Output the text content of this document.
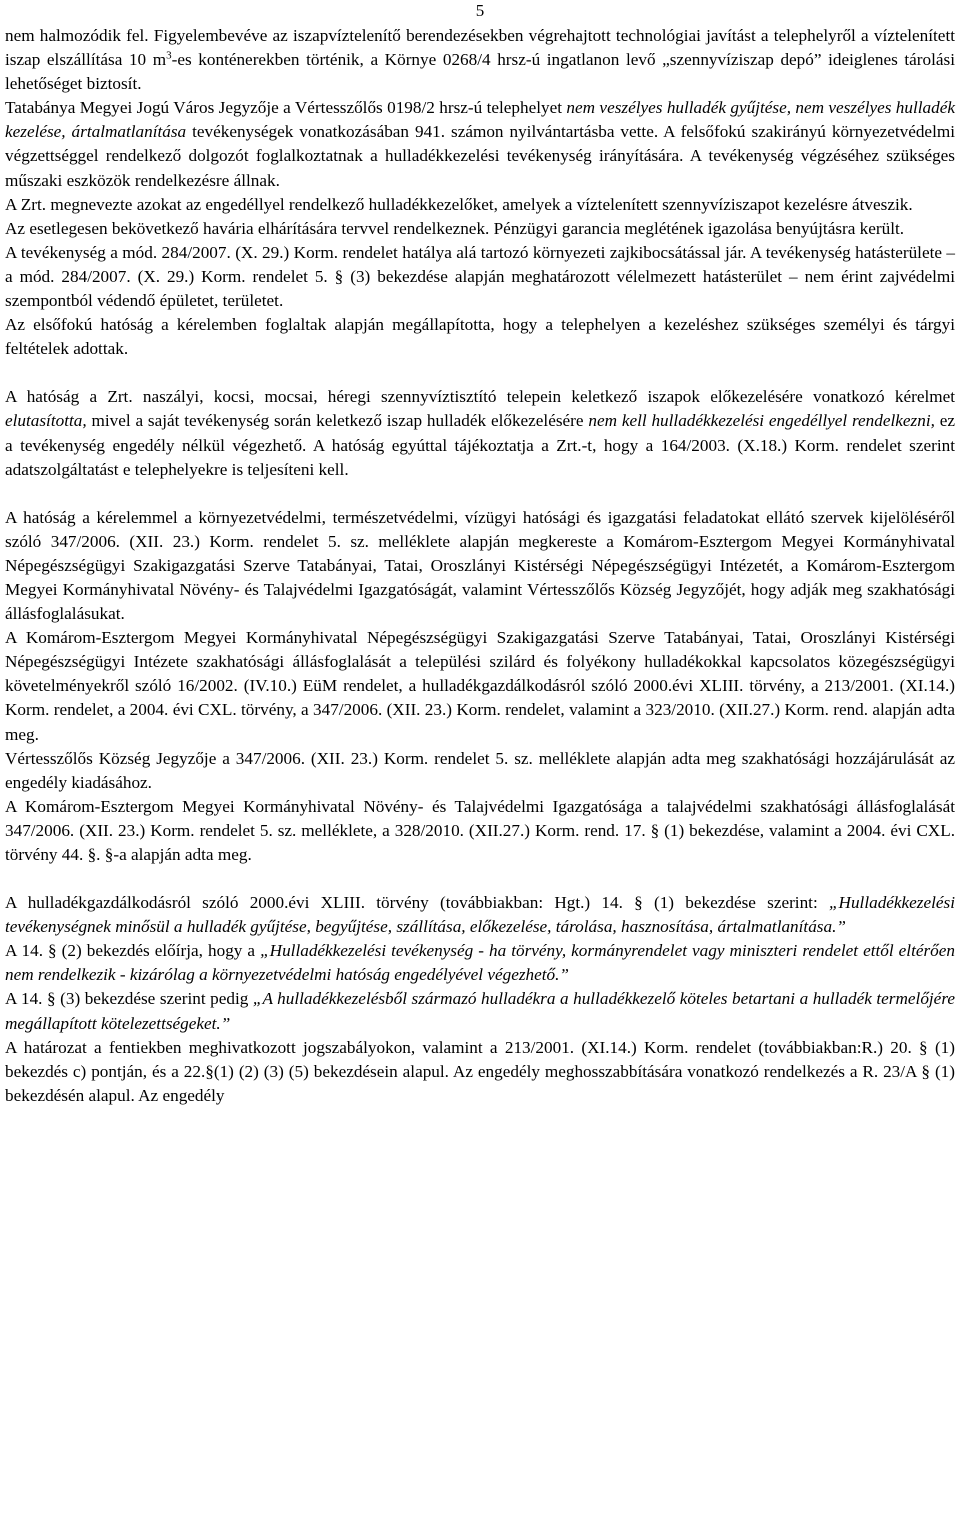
5

nem halmozódik fel. Figyelembevéve az iszapvíztelenítő berendezésekben végrehajtott technológiai javítást a telephelyről a víztelenített iszap elszállítása 10 $m^3-es$ konténerekben történik, a Környe 0268/4 hrsz-ú ingatlanon levő „szennyvíziszap depó” ideiglenes tárolási lehetőséget biztosít.

Tatabánya Megyei Jogú Város Jegyzője a Vértesszőlős 0198/2 hrsz-ú telephelyet nem veszélyes hulladék gyűjtése, nem veszélyes hulladék kezelése, ártalmatlanítása tevékenységek vonatkozásában 941. számon nyilvántartásba vette. A felsőfokú szakirányú környezetvédelmi végzettséggel rendelkező dolgozót foglalkoztatnak a hulladékkezelési tevékenység irányítására. A tevékenység végzéséhez szükséges műszaki eszközök rendelkezésre állnak.

A Zrt. megnevezte azokat az engedéllyel rendelkező hulladékkezelőket, amelyek a víztelenített szennyvíziszapot kezelésre átveszik.

Az esetlegesen bekövetkező havária elhárítására tervvel rendelkeznek. Pénzügyi garancia meglétének igazolása benyújtásra került.

A tevékenység a mód. 284/2007. (X. 29.) Korm. rendelet hatálya alá tartozó környezeti zajkibocsátással jár. A tevékenység hatásterülete – a mód. 284/2007. (X. 29.) Korm. rendelet 5. § (3) bekezdése alapján meghatározott vélelmezett hatásterület – nem érint zajvédelmi szempontból védendő épületet, területet.

Az elsőfokú hatóság a kérelemben foglaltak alapján megállapította, hogy a telephelyen a kezeléshez szükséges személyi és tárgyi feltételek adottak.

A hatóság a Zrt. naszályi, kocsi, mocsai, héregi szennyvíztisztító telepein keletkező iszapok előkezelésére vonatkozó kérelmet elutasította, mivel a saját tevékenység során keletkező iszap hulladék előkezelésére nem kell hulladékkezelési engedéllyel rendelkezni, ez a tevékenység engedély nélkül végezhető. A hatóság egyúttal tájékoztatja a Zrt.-t, hogy a 164/2003. (X.18.) Korm. rendelet szerint adatszolgáltatást e telephelyekre is teljesíteni kell.

A hatóság a kérelemmel a környezetvédelmi, természetvédelmi, vízügyi hatósági és igazgatási feladatokat ellátó szervek kijelöléséről szóló 347/2006. (XII. 23.) Korm. rendelet 5. sz. melléklete alapján megkereste a Komárom-Esztergom Megyei Kormányhivatal Népegészségügyi Szakigazgatási Szerve Tatabányai, Tatai, Oroszlányi Kistérségi Népegészségügyi Intézetét, a Komárom-Esztergom Megyei Kormányhivatal Növény- és Talajvédelmi Igazgatóságát, valamint Vértesszőlős Község Jegyzőjét, hogy adják meg szakhatósági állásfoglalásukat.

A Komárom-Esztergom Megyei Kormányhivatal Népegészségügyi Szakigazgatási Szerve Tatabányai, Tatai, Oroszlányi Kistérségi Népegészségügyi Intézete szakhatósági állásfoglalását a települési szilárd és folyékony hulladékokkal kapcsolatos közegészségügyi követelményekről szóló 16/2002. (IV.10.) EüM rendelet, a hulladékgazdálkodásról szóló 2000.évi XLIII. törvény, a 213/2001. (XI.14.) Korm. rendelet, a 2004. évi CXL. törvény, a 347/2006. (XII. 23.) Korm. rendelet, valamint a 323/2010. (XII.27.) Korm. rend. alapján adta meg.

Vértesszőlős Község Jegyzője a 347/2006. (XII. 23.) Korm. rendelet 5. sz. melléklete alapján adta meg szakhatósági hozzájárulását az engedély kiadásához.

A Komárom-Esztergom Megyei Kormányhivatal Növény- és Talajvédelmi Igazgatósága a talajvédelmi szakhatósági állásfoglalását 347/2006. (XII. 23.) Korm. rendelet 5. sz. melléklete, a 328/2010. (XII.27.) Korm. rend. 17. § (1) bekezdése, valamint a 2004. évi CXL. törvény 44. §. §-a alapján adta meg.

A hulladékgazdálkodásról szóló 2000.évi XLIII. törvény (továbbiakban: Hgt.) 14. § (1) bekezdése szerint: „Hulladékkezelési tevékenységnek minősül a hulladék gyűjtése, begyűjtése, szállítása, előkezelése, tárolása, hasznosítása, ártalmatlanítása.”

A 14. § (2) bekezdés előírja, hogy a „Hulladékkezelési tevékenység - ha törvény, kormányrendelet vagy miniszteri rendelet ettől eltérően nem rendelkezik - kizárólag a környezetvédelmi hatóság engedélyével végezhető.”

A 14. § (3) bekezdése szerint pedig „A hulladékkezelésből származó hulladékra a hulladékkezelő köteles betartani a hulladék termelőjére megállapított kötelezettségeket.”

A határozat a fentiekben meghivatkozott jogszabályokon, valamint a 213/2001. (XI.14.) Korm. rendelet (továbbiakban:R.) 20. § (1) bekezdés c) pontján, és a 22.§(1) (2) (3) (5) bekezdésein alapul. Az engedély meghosszabbítására vonatkozó rendelkezés a R. 23/A § (1) bekezdésén alapul. Az engedély
